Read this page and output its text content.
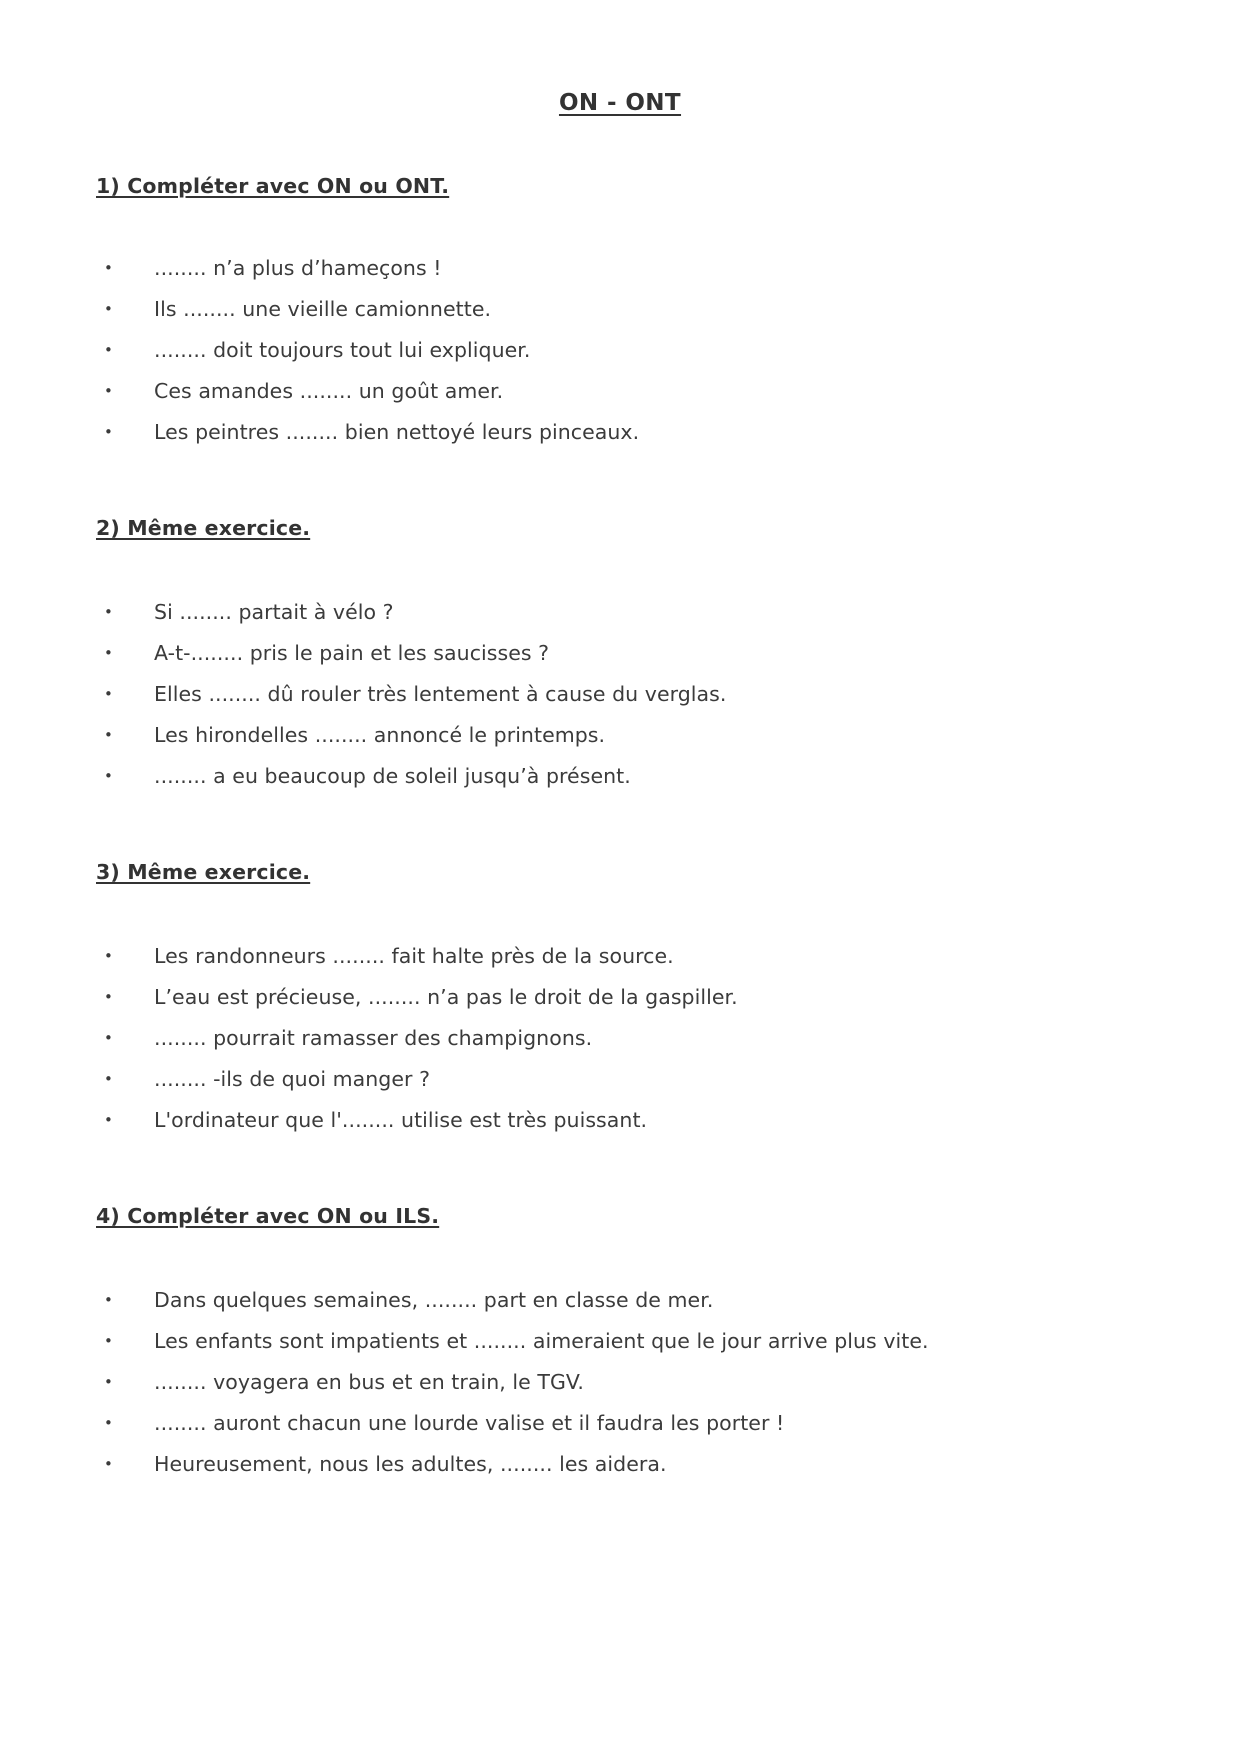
ON - ONT
1) Compléter avec ON ou ONT.
• ........ n’a plus d’hameçons !
• Ils ........ une vieille camionnette.
• ........ doit toujours tout lui expliquer.
• Ces amandes ........ un goût amer.
• Les peintres ........ bien nettoyé leurs pinceaux.
2) Même exercice.
• Si ........ partait à vélo ?
• A-t-........ pris le pain et les saucisses ?
• Elles ........ dû rouler très lentement à cause du verglas.
• Les hirondelles ........ annoncé le printemps.
• ........ a eu beaucoup de soleil jusqu’à présent.
3) Même exercice.
• Les randonneurs ........ fait halte près de la source.
• L’eau est précieuse, ........ n’a pas le droit de la gaspiller.
• ........ pourrait ramasser des champignons.
• ........ -ils de quoi manger ?
• L'ordinateur que l'........ utilise est très puissant.
4) Compléter avec ON ou ILS.
• Dans quelques semaines, ........ part en classe de mer.
• Les enfants sont impatients et ........ aimeraient que le jour arrive plus vite.
• ........ voyagera en bus et en train, le TGV.
• ........ auront chacun une lourde valise et il faudra les porter !
• Heureusement, nous les adultes, ........ les aidera.
